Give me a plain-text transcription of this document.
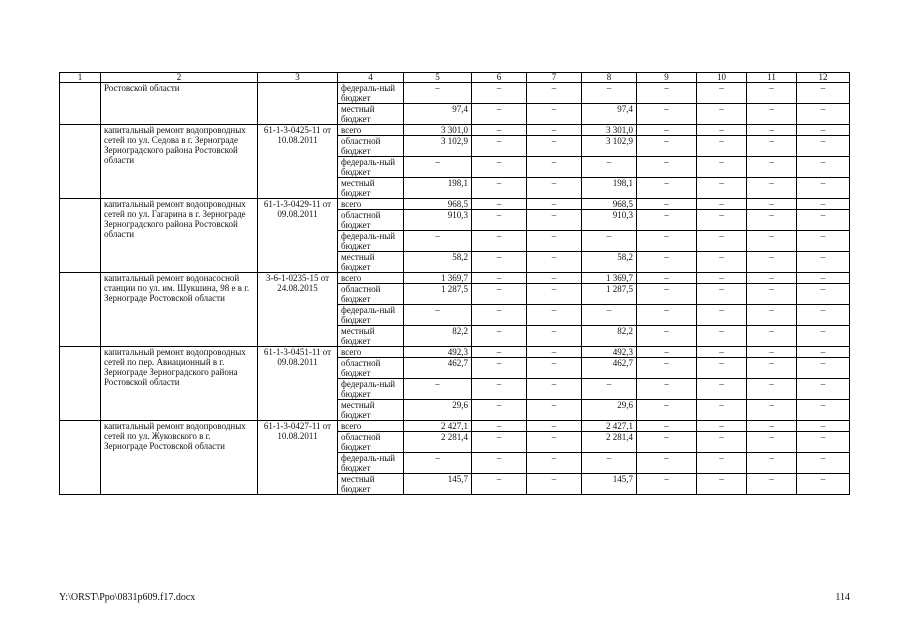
1	2	3	4	5	6	7	8	9	10	11	12
	Ростовской области		федераль-ный бюджет	–	–	–	–	–	–	–	–
			местный бюджет	97,4	–	–	97,4	–	–	–	–
	капитальный ремонт водопроводных сетей по ул. Седова в г. Зернограде Зерноградского района Ростовской области	61-1-3-0425-11 от 10.08.2011	всего	3 301,0	–	–	3 301,0	–	–	–	–
			областной бюджет	3 102,9	–	–	3 102,9	–	–	–	–
			федераль-ный бюджет	–	–	–	–	–	–	–	–
			местный бюджет	198,1	–	–	198,1	–	–	–	–
	капитальный ремонт водопроводных сетей по ул. Гагарина в г. Зернограде Зерноградского района Ростовской области	61-1-3-0429-11 от 09.08.2011	всего	968,5	–	–	968,5	–	–	–	–
			областной бюджет	910,3	–	–	910,3	–	–	–	–
			федераль-ный бюджет	–	–	–	–	–	–	–	–
			местный бюджет	58,2	–	–	58,2	–	–	–	–
	капитальный ремонт водонасосной станции по ул. им. Шукшина, 98 е в г. Зернограде Ростовской области	3-6-1-0235-15 от 24.08.2015	всего	1 369,7	–	–	1 369,7	–	–	–	–
			областной бюджет	1 287,5	–	–	1 287,5	–	–	–	–
			федераль-ный бюджет	–	–	–	–	–	–	–	–
			местный бюджет	82,2	–	–	82,2	–	–	–	–
	капитальный ремонт водопроводных сетей по пер. Авиационный в г. Зернограде Зерноградского района Ростовской области	61-1-3-0451-11 от 09.08.2011	всего	492,3	–	–	492,3	–	–	–	–
			областной бюджет	462,7	–	–	462,7	–	–	–	–
			федераль-ный бюджет	–	–	–	–	–	–	–	–
			местный бюджет	29,6	–	–	29,6	–	–	–	–
	капитальный ремонт водопроводных сетей по ул. Жуковского в г. Зернограде Ростовской области	61-1-3-0427-11 от 10.08.2011	всего	2 427,1	–	–	2 427,1	–	–	–	–
			областной бюджет	2 281,4	–	–	2 281,4	–	–	–	–
			федераль-ный бюджет	–	–	–	–	–	–	–	–
			местный бюджет	145,7	–	–	145,7	–	–	–	–
Y:\ORST\Ppo\0831p609.f17.docx	114
